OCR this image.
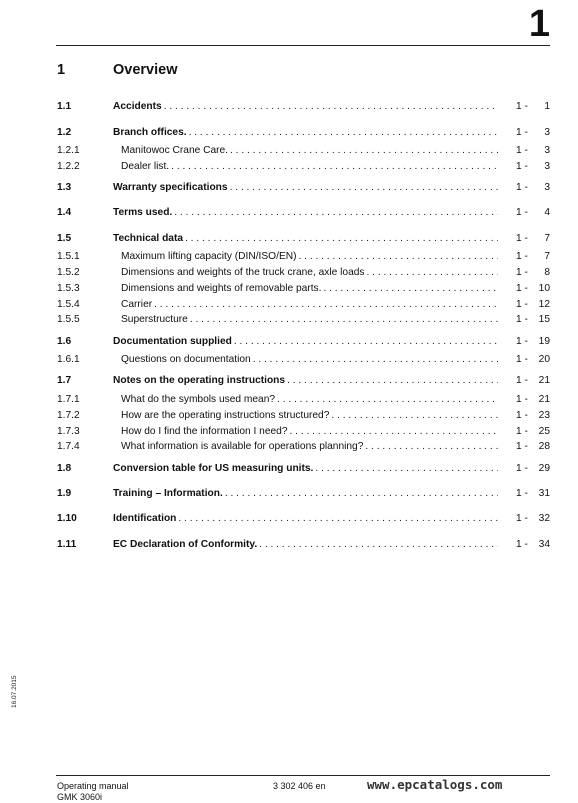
1
1	Overview
1.1	Accidents . . .	1 - 1
1.2	Branch offices. . . .	1 - 3
1.2.1	Manitowoc Crane Care. . . .	1 - 3
1.2.2	Dealer list. . . .	1 - 3
1.3	Warranty specifications . . .	1 - 3
1.4	Terms used. . . .	1 - 4
1.5	Technical data . . .	1 - 7
1.5.1	Maximum lifting capacity (DIN/ISO/EN) . . .	1 - 7
1.5.2	Dimensions and weights of the truck crane, axle loads . . .	1 - 8
1.5.3	Dimensions and weights of removable parts. . . .	1 - 10
1.5.4	Carrier . . .	1 - 12
1.5.5	Superstructure . . .	1 - 15
1.6	Documentation supplied . . .	1 - 19
1.6.1	Questions on documentation . . .	1 - 20
1.7	Notes on the operating instructions . . .	1 - 21
1.7.1	What do the symbols used mean? . . .	1 - 21
1.7.2	How are the operating instructions structured? . . .	1 - 23
1.7.3	How do I find the information I need? . . .	1 - 25
1.7.4	What information is available for operations planning? . . .	1 - 28
1.8	Conversion table for US measuring units. . . .	1 - 29
1.9	Training – Information. . . .	1 - 31
1.10	Identification . . .	1 - 32
1.11	EC Declaration of Conformity. . . .	1 - 34
16.07.2015
Operating manual
GMK 3060i
3 302 406 en	www.epcatalogs.com
